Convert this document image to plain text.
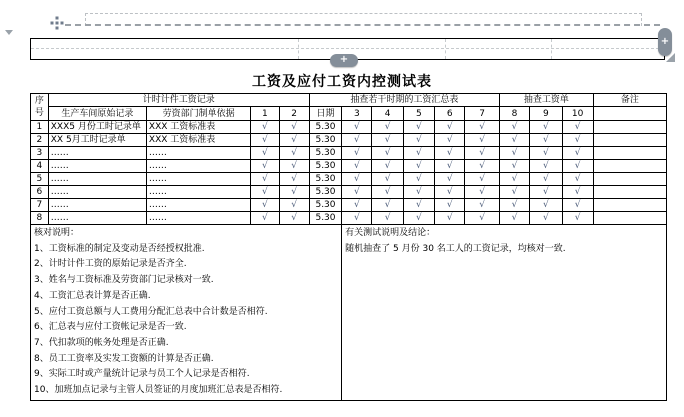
+
+
工资及应付工资内控测试表
序号	计时计件工资记录				抽查若干时期的工资汇总表						抽查工资单			备注
	生产车间原始记录	劳资部门制单依据	1	2	日期	3	4	5	6	7	8	9	10	
1	XXX5 月份工时记录单	XXX 工资标准表	√	√	5.30	√	√	√	√	√	√	√	√	
2	XX 5月工时记录单	XXX 工资标准表	√	√	5.30	√	√	√	√	√	√	√	√	
3	……	……	√	√	5.30	√	√	√	√	√	√	√	√	
4	……	……	√	√	5.30	√	√	√	√	√	√	√	√	
5	……	……	√	√	5.30	√	√	√	√	√	√	√	√	
6	……	……	√	√	5.30	√	√	√	√	√	√	√	√	
7	……	……	√	√	5.30	√	√	√	√	√	√	√	√	
8	……	……	√	√	5.30	√	√	√	√	√	√	√	√	

核对说明：

1、工资标准的制定及变动是否经授权批准.

2、计时计件工资的原始记录是否齐全.

3、姓名与工资标准及劳资部门记录核对一致.

4、工资汇总表计算是否正确.

5、应付工资总额与人工费用分配汇总表中合计数是否相符.

6、汇总表与应付工资帐记录是否一致.

7、代扣款项的帐务处理是否正确.

8、员工工资率及实发工资额的计算是否正确.

9、实际工时或产量统计记录与员工个人记录是否相符.

10、加班加点记录与主管人员签证的月度加班汇总表是否相符.

有关测试说明及结论：

随机抽查了 5 月份 30 名工人的工资记录，均核对一致.
